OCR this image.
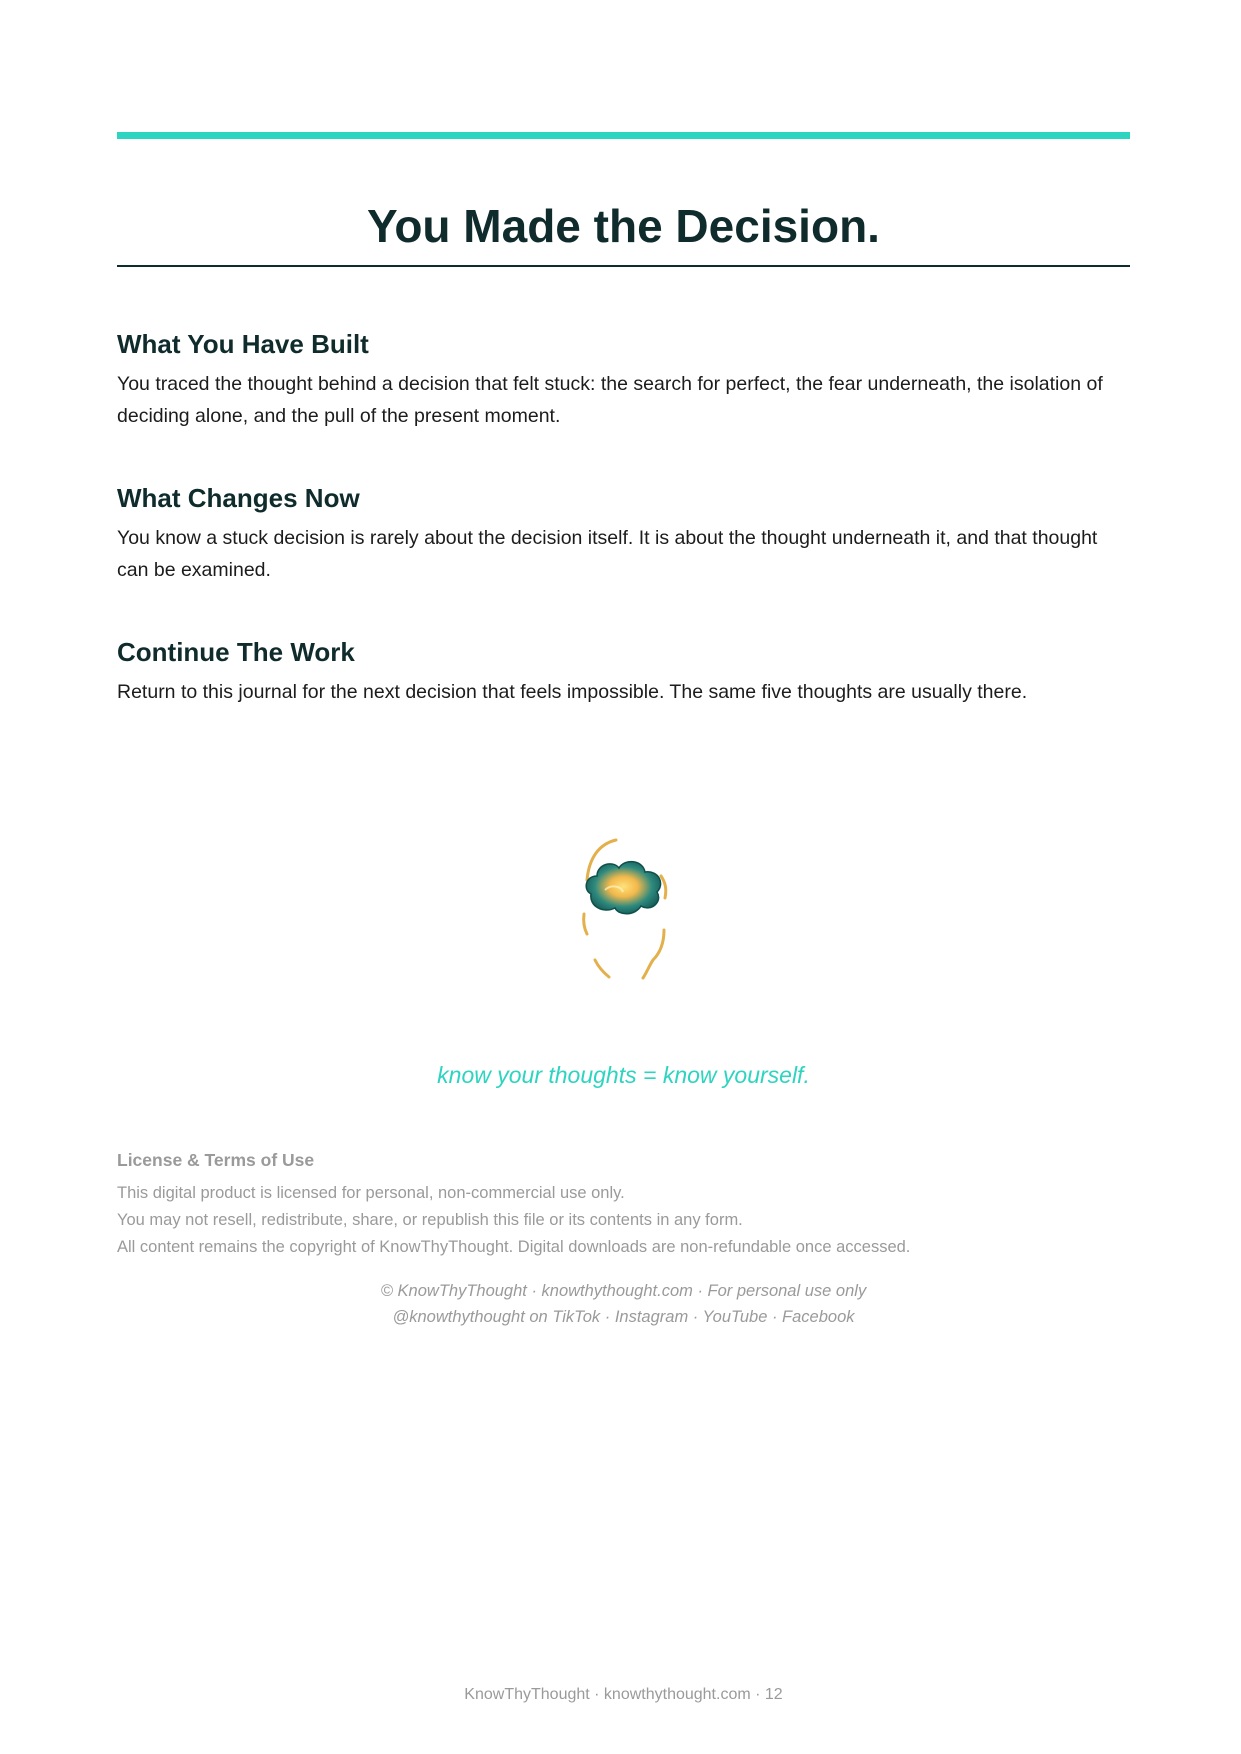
You Made the Decision.
What You Have Built

You traced the thought behind a decision that felt stuck: the search for perfect, the fear underneath, the isolation of deciding alone, and the pull of the present moment.

What Changes Now

You know a stuck decision is rarely about the decision itself. It is about the thought underneath it, and that thought can be examined.

Continue The Work

Return to this journal for the next decision that feels impossible. The same five thoughts are usually there.

know your thoughts = know yourself.
License & Terms of Use
This digital product is licensed for personal, non-commercial use only.
You may not resell, redistribute, share, or republish this file or its contents in any form.
All content remains the copyright of KnowThyThought. Digital downloads are non-refundable once accessed.
© KnowThyThought · knowthythought.com · For personal use only
@knowthythought on TikTok · Instagram · YouTube · Facebook
KnowThyThought · knowthythought.com · 12
